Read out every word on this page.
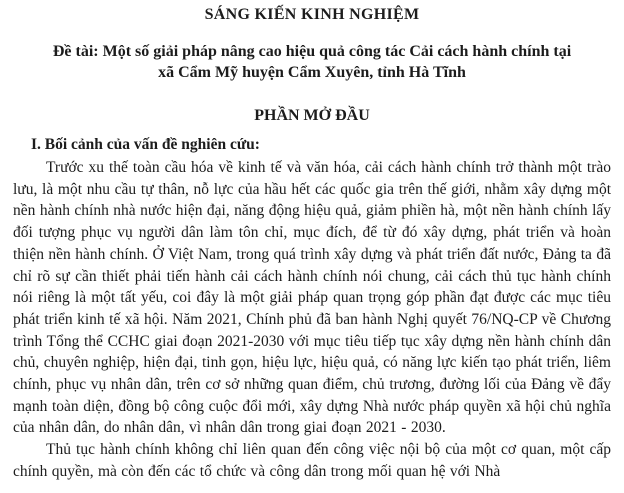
SÁNG KIẾN KINH NGHIỆM
Đề tài: Một số giải pháp nâng cao hiệu quả công tác Cải cách hành chính tại
xã Cẩm Mỹ huyện Cẩm Xuyên, tỉnh Hà Tĩnh
PHẦN MỞ ĐẦU
I. Bối cảnh của vấn đề nghiên cứu:

Trước xu thế toàn cầu hóa về kinh tế và văn hóa, cải cách hành chính trở thành một trào lưu, là một nhu cầu tự thân, nỗ lực của hầu hết các quốc gia trên thế giới, nhằm xây dựng một nền hành chính nhà nước hiện đại, năng động hiệu quả, giảm phiền hà, một nền hành chính lấy đối tượng phục vụ người dân làm tôn chỉ, mục đích, để từ đó xây dựng, phát triển và hoàn thiện nền hành chính. Ở Việt Nam, trong quá trình xây dựng và phát triển đất nước, Đảng ta đã chỉ rõ sự cần thiết phải tiến hành cải cách hành chính nói chung, cải cách thủ tục hành chính nói riêng là một tất yếu, coi đây là một giải pháp quan trọng góp phần đạt được các mục tiêu phát triển kinh tế xã hội. Năm 2021, Chính phủ đã ban hành Nghị quyết 76/NQ-CP về Chương trình Tổng thể CCHC giai đoạn 2021-2030 với mục tiêu tiếp tục xây dựng nền hành chính dân chủ, chuyên nghiệp, hiện đại, tinh gọn, hiệu lực, hiệu quả, có năng lực kiến tạo phát triển, liêm chính, phục vụ nhân dân, trên cơ sở những quan điểm, chủ trương, đường lối của Đảng về đẩy mạnh toàn diện, đồng bộ công cuộc đổi mới, xây dựng Nhà nước pháp quyền xã hội chủ nghĩa của nhân dân, do nhân dân, vì nhân dân trong giai đoạn 2021 - 2030.

Thủ tục hành chính không chỉ liên quan đến công việc nội bộ của một cơ quan, một cấp chính quyền, mà còn đến các tổ chức và công dân trong mối quan hệ với Nhà
